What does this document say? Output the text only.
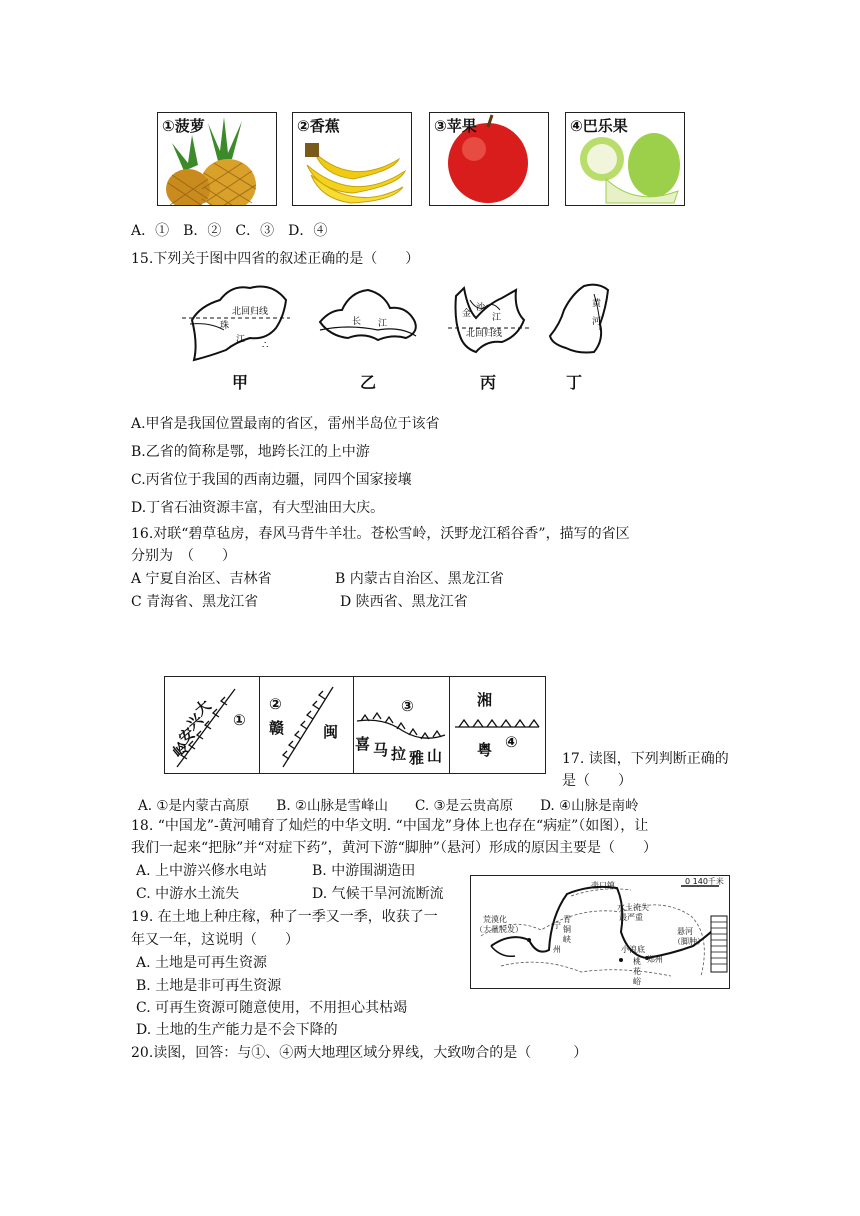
①菠萝	②香蕉	③苹果	④巴乐果
A．①　B．②　C．③　D．④
15.下列关于图中四省的叙述正确的是（　　）
北回归线
珠
江 ∴
长 江
金
沙
江
北回归线
黄
河
甲	乙	丙	丁
A.甲省是我国位置最南的省区，雷州半岛位于该省
B.乙省的简称是鄂，地跨长江的上中游
C.丙省位于我国的西南边疆，同四个国家接壤
D.丁省石油资源丰富，有大型油田大庆。
16.对联“碧草毡房，春风马背牛羊壮。苍松雪岭，沃野龙江稻谷香”，描写的省区
分别为　（　　）
A 宁夏自治区、吉林省	B 内蒙古自治区、黑龙江省
C 青海省、黑龙江省	D 陕西省、黑龙江省
大
兴
安
岭
①
②
赣	闽
③
喜 马 拉 雅 山
湘
粤 ④
17. 读图，下列判断正确的
是（　　）
A. ①是内蒙古高原　　B. ②山脉是雪峰山　　C. ③是云贵高原　　D. ④山脉是南岭
18. “中国龙”-黄河哺育了灿烂的中华文明. “中国龙”身体上也存在“病症”（如图），让
我们一起来“把脉”并“对症下药”，黄河下游“脚肿”（悬河）形成的原因主要是（　　）
A. 上中游兴修水电站	B. 中游围湖造田
C. 中游水土流失	D. 气候干旱河流断流
0 140千米
壶口镇
水土流失
最严重
荒漠化
（大量脱发）
青
铜
峡
宁
州	小浪底
郑州
桃
花
峪
悬河
（脚肿）
19. 在土地上种庄稼，种了一季又一季，收获了一
年又一年，这说明（　　）
A. 土地是可再生资源
B. 土地是非可再生资源
C. 可再生资源可随意使用，不用担心其枯竭
D. 土地的生产能力是不会下降的
20.读图，回答：与①、④两大地理区域分界线，大致吻合的是（　　　）
